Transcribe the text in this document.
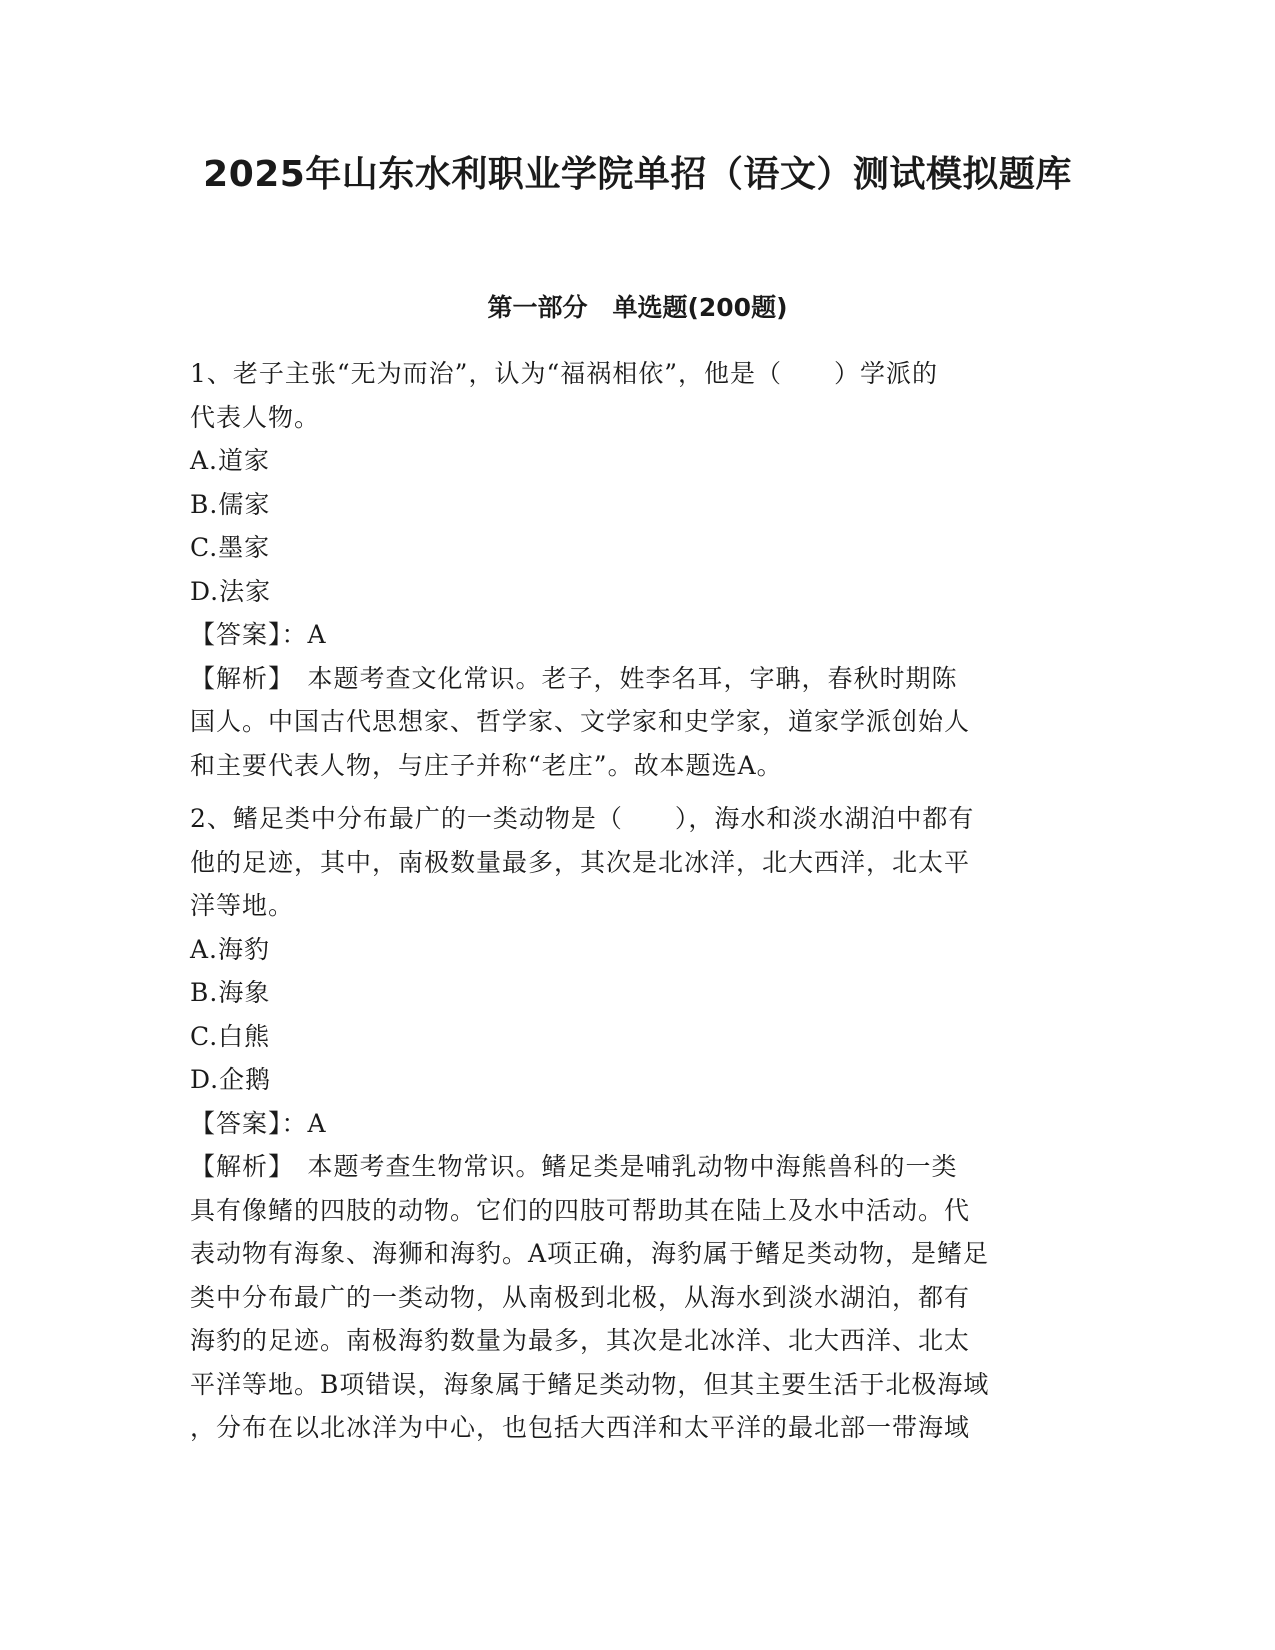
2025年山东水利职业学院单招（语文）测试模拟题库
第一部分　单选题(200题)
1、老子主张“无为而治”，认为“福祸相依”，他是（　　）学派的
代表人物。
A.道家
B.儒家
C.墨家
D.法家
【答案】：A
【解析】　本题考查文化常识。老子，姓李名耳，字聃，春秋时期陈
国人。中国古代思想家、哲学家、文学家和史学家，道家学派创始人
和主要代表人物，与庄子并称“老庄”。故本题选A。
2、鳍足类中分布最广的一类动物是（　　），海水和淡水湖泊中都有
他的足迹，其中，南极数量最多，其次是北冰洋，北大西洋，北太平
洋等地。
A.海豹
B.海象
C.白熊
D.企鹅
【答案】：A
【解析】　本题考查生物常识。鳍足类是哺乳动物中海熊兽科的一类
具有像鳍的四肢的动物。它们的四肢可帮助其在陆上及水中活动。代
表动物有海象、海狮和海豹。A项正确，海豹属于鳍足类动物，是鳍足
类中分布最广的一类动物，从南极到北极，从海水到淡水湖泊，都有
海豹的足迹。南极海豹数量为最多，其次是北冰洋、北大西洋、北太
平洋等地。B项错误，海象属于鳍足类动物，但其主要生活于北极海域
，分布在以北冰洋为中心，也包括大西洋和太平洋的最北部一带海域
